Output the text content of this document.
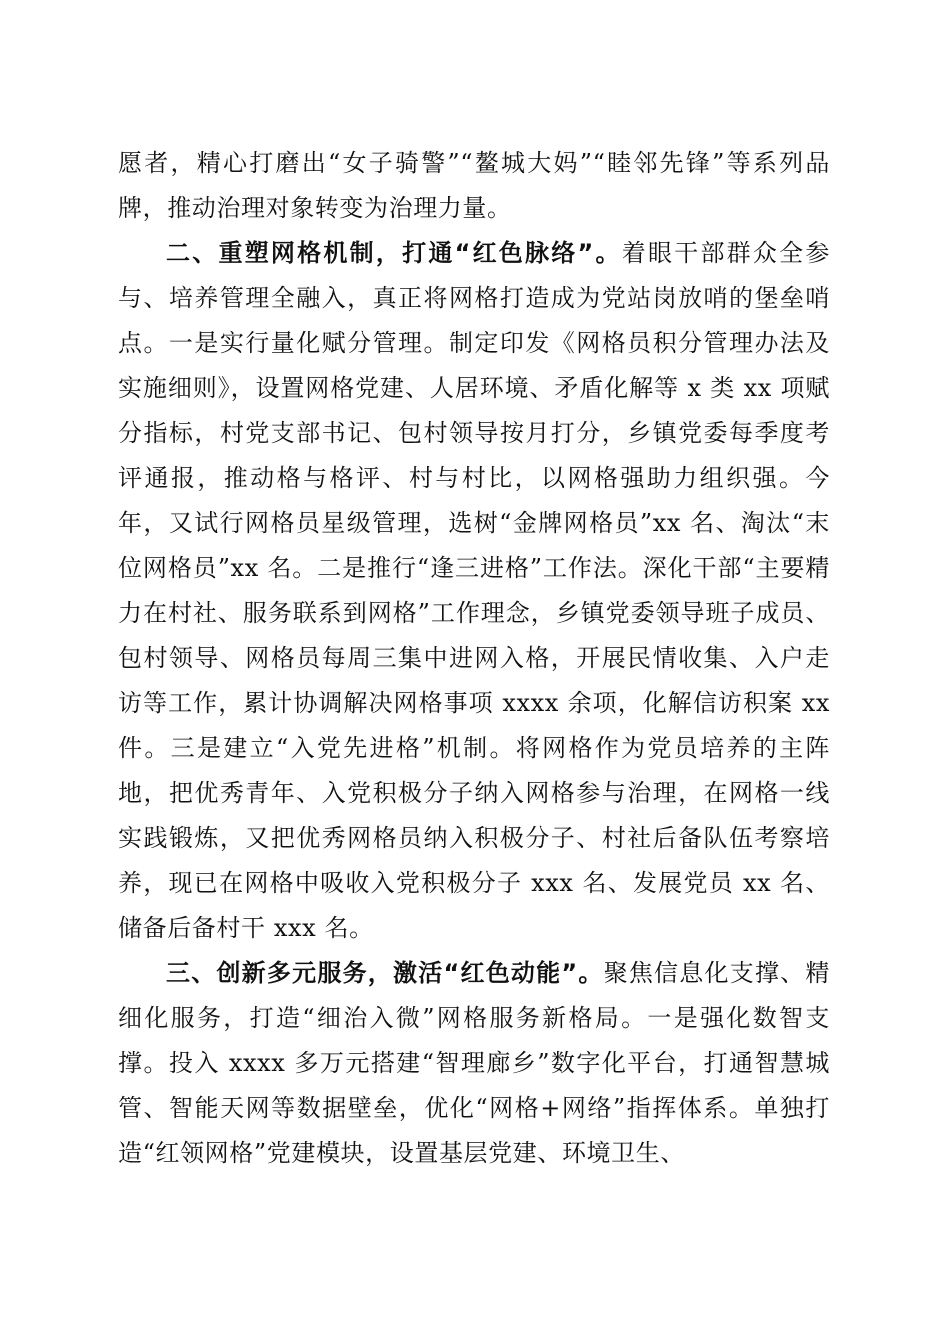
愿者，精心打磨出“女子骑警”“鳌城大妈”“睦邻先锋”等系列品牌，推动治理对象转变为治理力量。

二、重塑网格机制，打通“红色脉络”。着眼干部群众全参与、培养管理全融入，真正将网格打造成为党站岗放哨的堡垒哨点。一是实行量化赋分管理。制定印发《网格员积分管理办法及实施细则》，设置网格党建、人居环境、矛盾化解等 x 类 xx 项赋分指标，村党支部书记、包村领导按月打分，乡镇党委每季度考评通报，推动格与格评、村与村比，以网格强助力组织强。今年，又试行网格员星级管理，选树“金牌网格员”xx 名、淘汰“末位网格员”xx 名。二是推行“逢三进格”工作法。深化干部“主要精力在村社、服务联系到网格”工作理念，乡镇党委领导班子成员、包村领导、网格员每周三集中进网入格，开展民情收集、入户走访等工作，累计协调解决网格事项 xxxx 余项，化解信访积案 xx 件。三是建立“入党先进格”机制。将网格作为党员培养的主阵地，把优秀青年、入党积极分子纳入网格参与治理，在网格一线实践锻炼，又把优秀网格员纳入积极分子、村社后备队伍考察培养，现已在网格中吸收入党积极分子 xxx 名、发展党员 xx 名、储备后备村干 xxx 名。

三、创新多元服务，激活“红色动能”。聚焦信息化支撑、精细化服务，打造“细治入微”网格服务新格局。一是强化数智支撑。投入 xxxx 多万元搭建“智理廊乡”数字化平台，打通智慧城管、智能天网等数据壁垒，优化“网格+网络”指挥体系。单独打造“红领网格”党建模块，设置基层党建、环境卫生、
